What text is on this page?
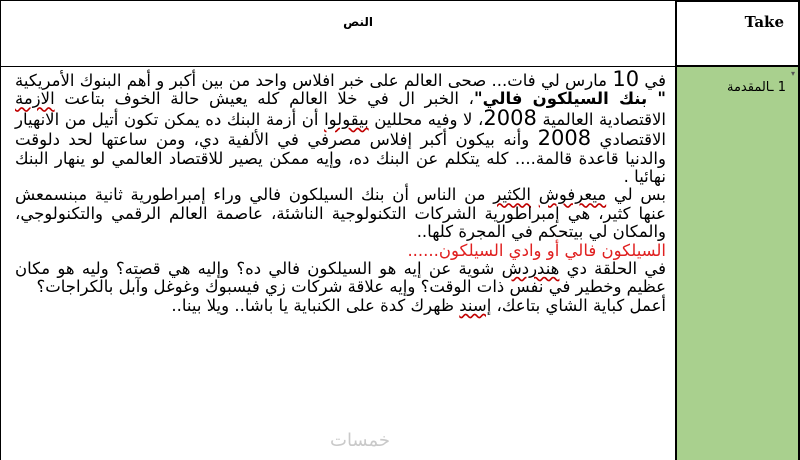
النص	Take

في 10 مارس لي فات... صحى العالم على خبر افلاس واحد من بين أكبر و أهم البنوك الأمريكية " بنك السيلكون فالي"، الخبر ال في خلا العالم كله يعيش حالة الخوف بتاعت الازمة الاقتصادية العالمية 2008، لا وفيه محللين بيقولوا أن أزمة البنك ده يمكن تكون أتيل من الانهيار الاقتصادي 2008 وأنه بيكون أكبر إفلاس مصرفي في الألفية دي، ومن ساعتها لحد دلوقت والدنيا قاعدة قالمة.... كله يتكلم عن البنك ده، وإيه ممكن يصير للاقتصاد العالمي لو ينهار البنك نهائيا .

بس لي ميعرفوش الكثير من الناس أن بنك السيلكون فالي وراء إمبراطورية ثانية مبنسمعش عنها كثير، هي إمبراطورية الشركات التكنولوجية الناشئة، عاصمة العالم الرقمي والتكنولوجي، والمكان لي بيتحكم في المجرة كلها..

السيلكون فالي أو وادي السيلكون......

في الحلقة دي هندردش شوية عن إيه هو السيلكون فالي ده؟ وإليه هي قصته؟ وليه هو مكان عظيم وخطير في نفس ذات الوقت؟ وإيه علاقة شركات زي فيسبوك وغوغل وآبل بالكراجات؟

أعمل كباية الشاي بتاعك، إسند ظهرك كدة على الكنباية يا باشا.. ويلا بينا..

▾
1 ـالمقدمة
خمسات
